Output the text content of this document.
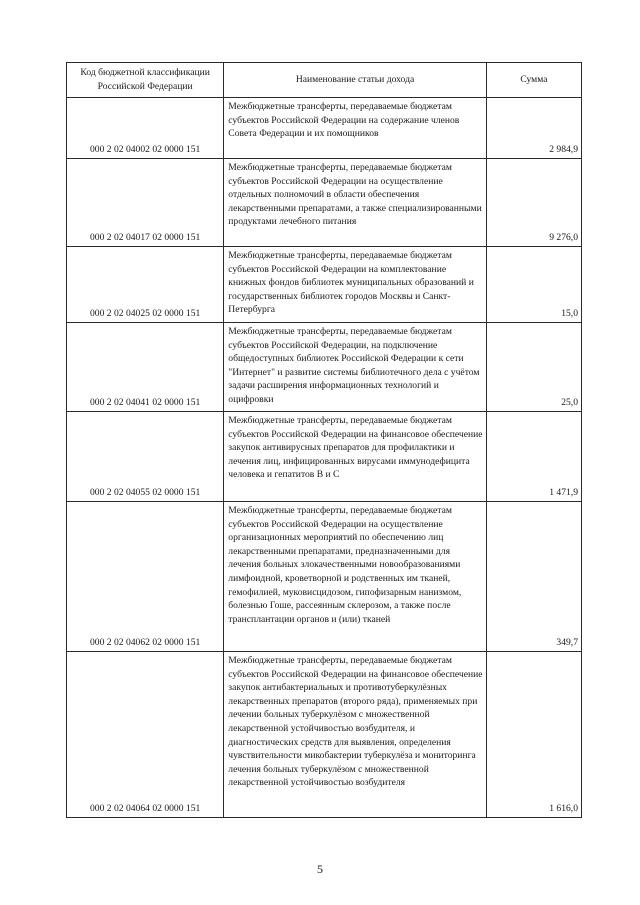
Код бюджетной классификации Российской Федерации	Наименование статьи дохода	Сумма
000 2 02 04002 02 0000 151	Межбюджетные трансферты, передаваемые бюджетам субъектов Российской Федерации на содержание членов Совета Федерации и их помощников	2 984,9
000 2 02 04017 02 0000 151	Межбюджетные трансферты, передаваемые бюджетам субъектов Российской Федерации на осуществление отдельных полномочий в области обеспечения лекарственными препаратами, а также специализированными продуктами лечебного питания	9 276,0
000 2 02 04025 02 0000 151	Межбюджетные трансферты, передаваемые бюджетам субъектов Российской Федерации на комплектование книжных фондов библиотек муниципальных образований и государственных библиотек городов Москвы и Санкт-Петербурга	15,0
000 2 02 04041 02 0000 151	Межбюджетные трансферты, передаваемые бюджетам субъектов Российской Федерации, на подключение общедоступных библиотек Российской Федерации к сети "Интернет" и развитие системы библиотечного дела с учётом задачи расширения информационных технологий и оцифровки	25,0
000 2 02 04055 02 0000 151	Межбюджетные трансферты, передаваемые бюджетам субъектов Российской Федерации на финансовое обеспечение закупок антивирусных препаратов для профилактики и лечения лиц, инфицированных вирусами иммунодефицита человека и гепатитов В и С	1 471,9
000 2 02 04062 02 0000 151	Межбюджетные трансферты, передаваемые бюджетам субъектов Российской Федерации на осуществление организационных мероприятий по обеспечению лиц лекарственными препаратами, предназначенными для лечения больных злокачественными новообразованиями лимфоидной, кроветворной и родственных им тканей, гемофилией, муковисцидозом, гипофизарным нанизмом, болезнью Гоше, рассеянным склерозом, а также после трансплантации органов и (или) тканей	349,7
000 2 02 04064 02 0000 151	Межбюджетные трансферты, передаваемые бюджетам субъектов Российской Федерации на финансовое обеспечение закупок антибактериальных и противотуберкулёзных лекарственных препаратов (второго ряда), применяемых при лечении больных туберкулёзом с множественной лекарственной устойчивостью возбудителя, и диагностических средств для выявления, определения чувствительности микобактерии туберкулёза и мониторинга лечения больных туберкулёзом с множественной лекарственной устойчивостью возбудителя	1 616,0
5
